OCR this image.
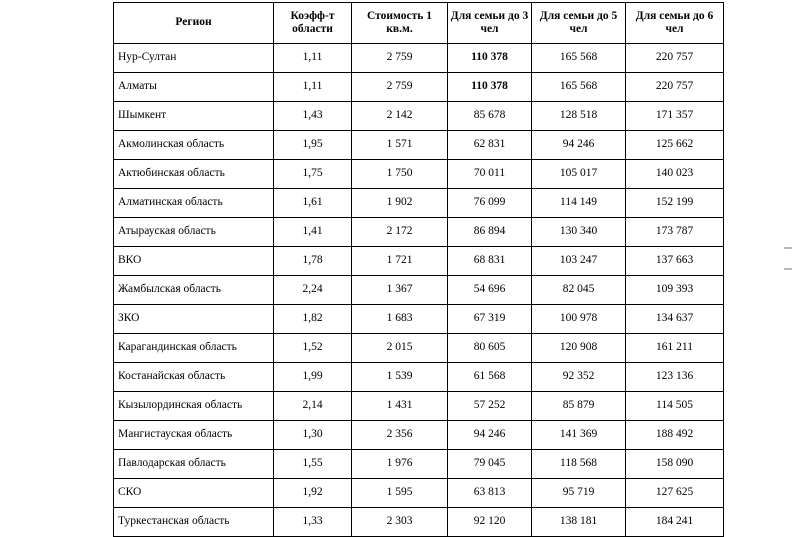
Регион	Коэфф-т области	Стоимость 1 кв.м.	Для семьи до 3 чел	Для семьи до 5 чел	Для семьи до 6 чел
Нур-Султан	1,11	2 759	110 378	165 568	220 757
Алматы	1,11	2 759	110 378	165 568	220 757
Шымкент	1,43	2 142	85 678	128 518	171 357
Акмолинская область	1,95	1 571	62 831	94 246	125 662
Актюбинская область	1,75	1 750	70 011	105 017	140 023
Алматинская область	1,61	1 902	76 099	114 149	152 199
Атырауская область	1,41	2 172	86 894	130 340	173 787
ВКО	1,78	1 721	68 831	103 247	137 663
Жамбылская область	2,24	1 367	54 696	82 045	109 393
ЗКО	1,82	1 683	67 319	100 978	134 637
Карагандинская область	1,52	2 015	80 605	120 908	161 211
Костанайская область	1,99	1 539	61 568	92 352	123 136
Кызылординская область	2,14	1 431	57 252	85 879	114 505
Мангистауская область	1,30	2 356	94 246	141 369	188 492
Павлодарская область	1,55	1 976	79 045	118 568	158 090
СКО	1,92	1 595	63 813	95 719	127 625
Туркестанская область	1,33	2 303	92 120	138 181	184 241
